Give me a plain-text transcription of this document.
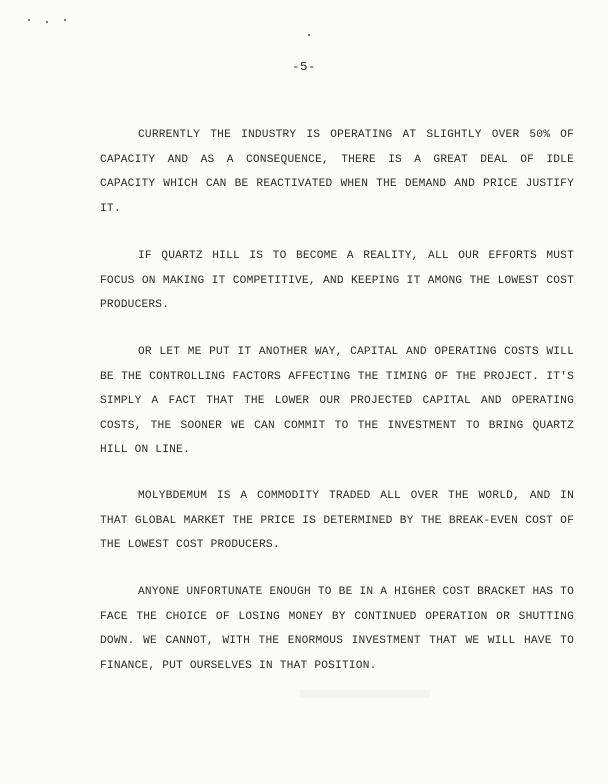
-5-

CURRENTLY THE INDUSTRY IS OPERATING AT SLIGHTLY OVER 50% OF CAPACITY AND AS A CONSEQUENCE, THERE IS A GREAT DEAL OF IDLE CAPACITY WHICH CAN BE REACTIVATED WHEN THE DEMAND AND PRICE JUSTIFY IT.

IF QUARTZ HILL IS TO BECOME A REALITY, ALL OUR EFFORTS MUST FOCUS ON MAKING IT COMPETITIVE, AND KEEPING IT AMONG THE LOWEST COST PRODUCERS.

OR LET ME PUT IT ANOTHER WAY, CAPITAL AND OPERATING COSTS WILL BE THE CONTROLLING FACTORS AFFECTING THE TIMING OF THE PROJECT. IT'S SIMPLY A FACT THAT THE LOWER OUR PROJECTED CAPITAL AND OPERATING COSTS, THE SOONER WE CAN COMMIT TO THE INVESTMENT TO BRING QUARTZ HILL ON LINE.

MOLYBDEMUM IS A COMMODITY TRADED ALL OVER THE WORLD, AND IN THAT GLOBAL MARKET THE PRICE IS DETERMINED BY THE BREAK-EVEN COST OF THE LOWEST COST PRODUCERS.

ANYONE UNFORTUNATE ENOUGH TO BE IN A HIGHER COST BRACKET HAS TO FACE THE CHOICE OF LOSING MONEY BY CONTINUED OPERATION OR SHUTTING DOWN. WE CANNOT, WITH THE ENORMOUS INVESTMENT THAT WE WILL HAVE TO FINANCE, PUT OURSELVES IN THAT POSITION.
